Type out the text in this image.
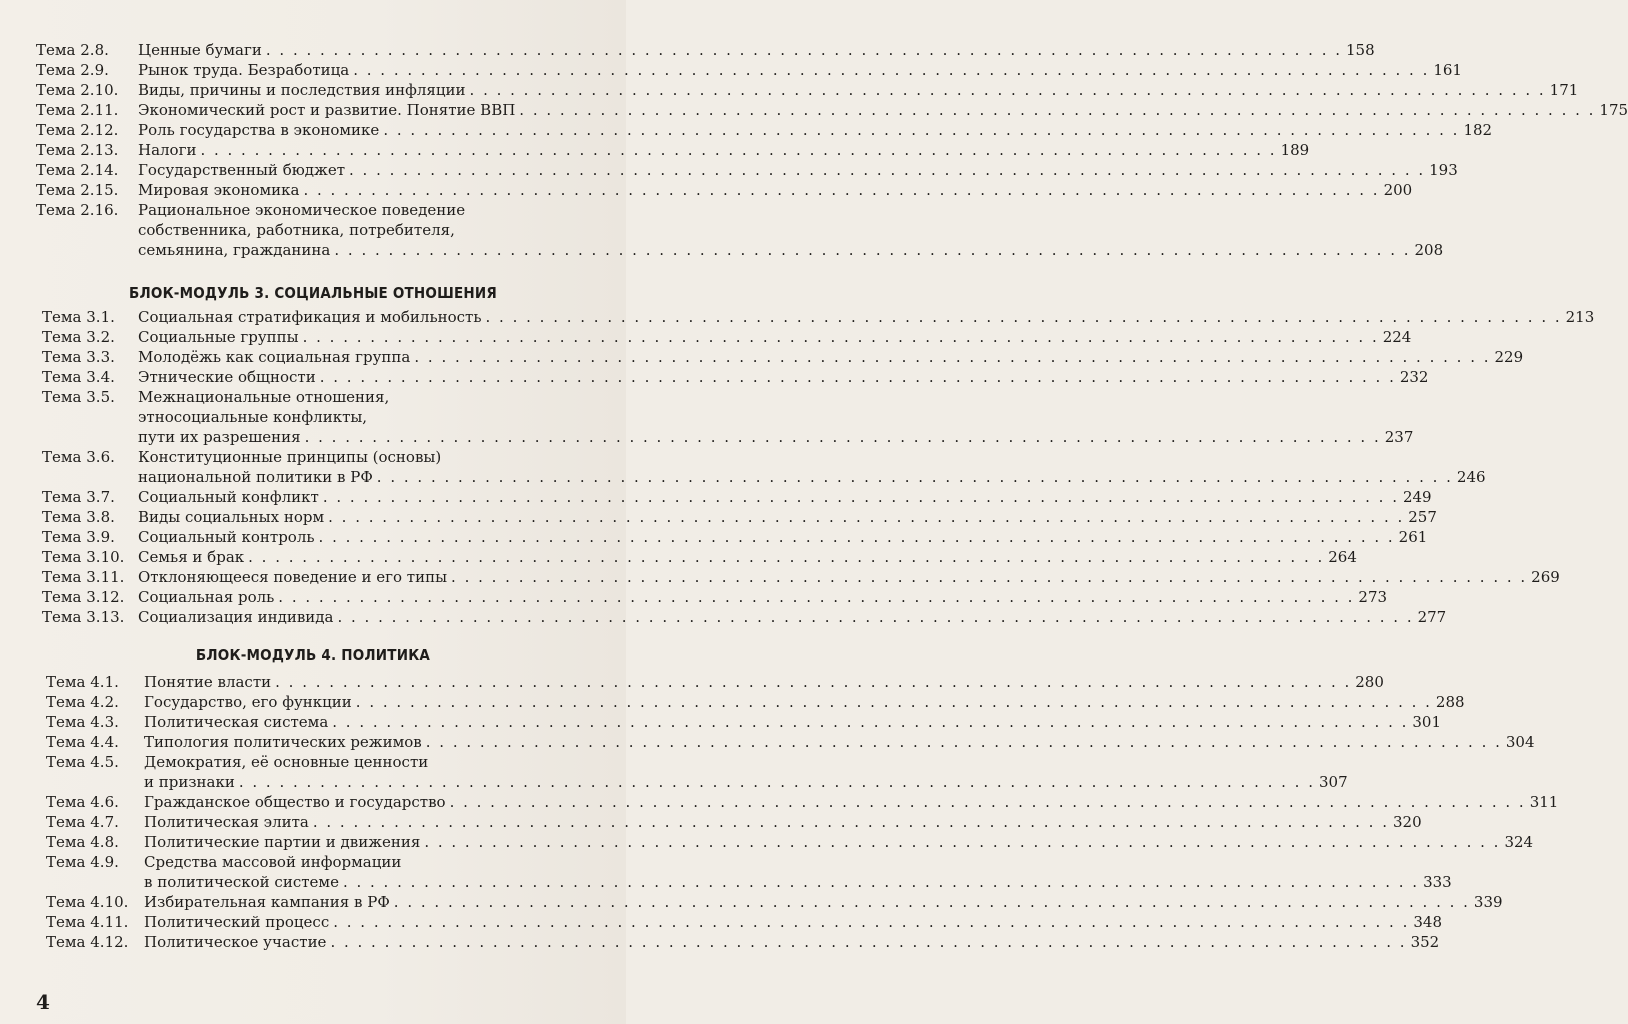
Тема 2.8. Ценные бумаги . . . . . . . . . . . . . . . . . . . . . . . . . . . . . . . . . . . . . . . . . . . . . . . . . . . . . . . . . . . . . . . . . . . . . . . . . . . . . . . . 158
Тема 2.9. Рынок труда. Безработица . . . . . . . . . . . . . . . . . . . . . . . . . . . . . . . . . . . . . . . . . . . . . . . . . . . . . . . . . . . . . . . . . . . . . . . . . . . . . . . . 161
Тема 2.10. Виды, причины и последствия инфляции . . . . . . . . . . . . . . . . . . . . . . . . . . . . . . . . . . . . . . . . . . . . . . . . . . . . . . . . . . . . . . . . . . . . . . . . . . . . . . . . 171
Тема 2.11. Экономический рост и развитие. Понятие ВВП . . . . . . . . . . . . . . . . . . . . . . . . . . . . . . . . . . . . . . . . . . . . . . . . . . . . . . . . . . . . . . . . . . . . . . . . . . . . . . . . 175
Тема 2.12. Роль государства в экономике . . . . . . . . . . . . . . . . . . . . . . . . . . . . . . . . . . . . . . . . . . . . . . . . . . . . . . . . . . . . . . . . . . . . . . . . . . . . . . . . 182
Тема 2.13. Налоги . . . . . . . . . . . . . . . . . . . . . . . . . . . . . . . . . . . . . . . . . . . . . . . . . . . . . . . . . . . . . . . . . . . . . . . . . . . . . . . . 189
Тема 2.14. Государственный бюджет . . . . . . . . . . . . . . . . . . . . . . . . . . . . . . . . . . . . . . . . . . . . . . . . . . . . . . . . . . . . . . . . . . . . . . . . . . . . . . . . 193
Тема 2.15. Мировая экономика . . . . . . . . . . . . . . . . . . . . . . . . . . . . . . . . . . . . . . . . . . . . . . . . . . . . . . . . . . . . . . . . . . . . . . . . . . . . . . . . 200
Тема 2.16. Рациональное экономическое поведение
собственника, работника, потребителя,
семьянина, гражданина . . . . . . . . . . . . . . . . . . . . . . . . . . . . . . . . . . . . . . . . . . . . . . . . . . . . . . . . . . . . . . . . . . . . . . . . . . . . . . . . 208
БЛОК-МОДУЛЬ 3. СОЦИАЛЬНЫЕ ОТНОШЕНИЯ
Тема 3.1. Социальная стратификация и мобильность . . . . . . . . . . . . . . . . . . . . . . . . . . . . . . . . . . . . . . . . . . . . . . . . . . . . . . . . . . . . . . . . . . . . . . . . . . . . . . . . 213
Тема 3.2. Социальные группы . . . . . . . . . . . . . . . . . . . . . . . . . . . . . . . . . . . . . . . . . . . . . . . . . . . . . . . . . . . . . . . . . . . . . . . . . . . . . . . . 224
Тема 3.3. Молодёжь как социальная группа . . . . . . . . . . . . . . . . . . . . . . . . . . . . . . . . . . . . . . . . . . . . . . . . . . . . . . . . . . . . . . . . . . . . . . . . . . . . . . . . 229
Тема 3.4. Этнические общности . . . . . . . . . . . . . . . . . . . . . . . . . . . . . . . . . . . . . . . . . . . . . . . . . . . . . . . . . . . . . . . . . . . . . . . . . . . . . . . . 232
Тема 3.5. Межнациональные отношения,
этносоциальные конфликты,
пути их разрешения . . . . . . . . . . . . . . . . . . . . . . . . . . . . . . . . . . . . . . . . . . . . . . . . . . . . . . . . . . . . . . . . . . . . . . . . . . . . . . . . 237
Тема 3.6. Конституционные принципы (основы)
национальной политики в РФ . . . . . . . . . . . . . . . . . . . . . . . . . . . . . . . . . . . . . . . . . . . . . . . . . . . . . . . . . . . . . . . . . . . . . . . . . . . . . . . . 246
Тема 3.7. Социальный конфликт . . . . . . . . . . . . . . . . . . . . . . . . . . . . . . . . . . . . . . . . . . . . . . . . . . . . . . . . . . . . . . . . . . . . . . . . . . . . . . . . 249
Тема 3.8. Виды социальных норм . . . . . . . . . . . . . . . . . . . . . . . . . . . . . . . . . . . . . . . . . . . . . . . . . . . . . . . . . . . . . . . . . . . . . . . . . . . . . . . . 257
Тема 3.9. Социальный контроль . . . . . . . . . . . . . . . . . . . . . . . . . . . . . . . . . . . . . . . . . . . . . . . . . . . . . . . . . . . . . . . . . . . . . . . . . . . . . . . . 261
Тема 3.10. Семья и брак . . . . . . . . . . . . . . . . . . . . . . . . . . . . . . . . . . . . . . . . . . . . . . . . . . . . . . . . . . . . . . . . . . . . . . . . . . . . . . . . 264
Тема 3.11. Отклоняющееся поведение и его типы . . . . . . . . . . . . . . . . . . . . . . . . . . . . . . . . . . . . . . . . . . . . . . . . . . . . . . . . . . . . . . . . . . . . . . . . . . . . . . . . 269
Тема 3.12. Социальная роль . . . . . . . . . . . . . . . . . . . . . . . . . . . . . . . . . . . . . . . . . . . . . . . . . . . . . . . . . . . . . . . . . . . . . . . . . . . . . . . . 273
Тема 3.13. Социализация индивида . . . . . . . . . . . . . . . . . . . . . . . . . . . . . . . . . . . . . . . . . . . . . . . . . . . . . . . . . . . . . . . . . . . . . . . . . . . . . . . . 277
БЛОК-МОДУЛЬ 4. ПОЛИТИКА
Тема 4.1. Понятие власти . . . . . . . . . . . . . . . . . . . . . . . . . . . . . . . . . . . . . . . . . . . . . . . . . . . . . . . . . . . . . . . . . . . . . . . . . . . . . . . . 280
Тема 4.2. Государство, его функции . . . . . . . . . . . . . . . . . . . . . . . . . . . . . . . . . . . . . . . . . . . . . . . . . . . . . . . . . . . . . . . . . . . . . . . . . . . . . . . . 288
Тема 4.3. Политическая система . . . . . . . . . . . . . . . . . . . . . . . . . . . . . . . . . . . . . . . . . . . . . . . . . . . . . . . . . . . . . . . . . . . . . . . . . . . . . . . . 301
Тема 4.4. Типология политических режимов . . . . . . . . . . . . . . . . . . . . . . . . . . . . . . . . . . . . . . . . . . . . . . . . . . . . . . . . . . . . . . . . . . . . . . . . . . . . . . . . 304
Тема 4.5. Демократия, её основные ценности
и признаки . . . . . . . . . . . . . . . . . . . . . . . . . . . . . . . . . . . . . . . . . . . . . . . . . . . . . . . . . . . . . . . . . . . . . . . . . . . . . . . . 307
Тема 4.6. Гражданское общество и государство . . . . . . . . . . . . . . . . . . . . . . . . . . . . . . . . . . . . . . . . . . . . . . . . . . . . . . . . . . . . . . . . . . . . . . . . . . . . . . . . 311
Тема 4.7. Политическая элита . . . . . . . . . . . . . . . . . . . . . . . . . . . . . . . . . . . . . . . . . . . . . . . . . . . . . . . . . . . . . . . . . . . . . . . . . . . . . . . . 320
Тема 4.8. Политические партии и движения . . . . . . . . . . . . . . . . . . . . . . . . . . . . . . . . . . . . . . . . . . . . . . . . . . . . . . . . . . . . . . . . . . . . . . . . . . . . . . . . 324
Тема 4.9. Средства массовой информации
в политической системе . . . . . . . . . . . . . . . . . . . . . . . . . . . . . . . . . . . . . . . . . . . . . . . . . . . . . . . . . . . . . . . . . . . . . . . . . . . . . . . . 333
Тема 4.10. Избирательная кампания в РФ . . . . . . . . . . . . . . . . . . . . . . . . . . . . . . . . . . . . . . . . . . . . . . . . . . . . . . . . . . . . . . . . . . . . . . . . . . . . . . . . 339
Тема 4.11. Политический процесс . . . . . . . . . . . . . . . . . . . . . . . . . . . . . . . . . . . . . . . . . . . . . . . . . . . . . . . . . . . . . . . . . . . . . . . . . . . . . . . . 348
Тема 4.12. Политическое участие . . . . . . . . . . . . . . . . . . . . . . . . . . . . . . . . . . . . . . . . . . . . . . . . . . . . . . . . . . . . . . . . . . . . . . . . . . . . . . . . 352
4
